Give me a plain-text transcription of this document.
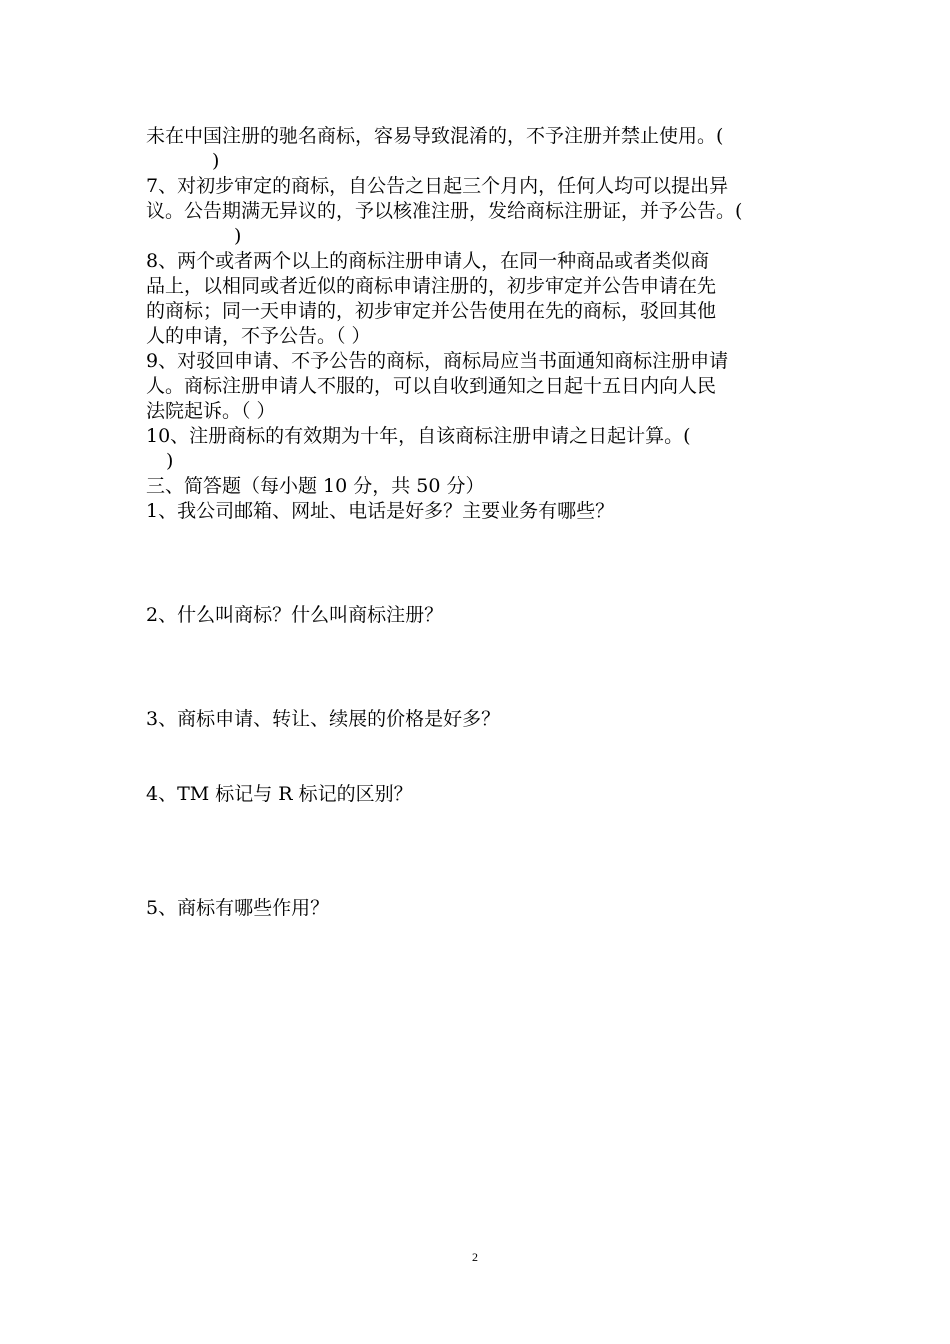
未在中国注册的驰名商标，容易导致混淆的，不予注册并禁止使用。(
)
7、对初步审定的商标，自公告之日起三个月内，任何人均可以提出异
议。公告期满无异议的，予以核准注册，发给商标注册证，并予公告。(
)
8、两个或者两个以上的商标注册申请人，在同一种商品或者类似商
品上，以相同或者近似的商标申请注册的，初步审定并公告申请在先
的商标；同一天申请的，初步审定并公告使用在先的商标，驳回其他
人的申请，不予公告。（ ）
9、对驳回申请、不予公告的商标，商标局应当书面通知商标注册申请
人。商标注册申请人不服的，可以自收到通知之日起十五日内向人民
法院起诉。（ ）
10、注册商标的有效期为十年，自该商标注册申请之日起计算。(
)
三、简答题（每小题 10 分，共 50 分）
1、我公司邮箱、网址、电话是好多？主要业务有哪些？
2、什么叫商标？什么叫商标注册？
3、商标申请、转让、续展的价格是好多？
4、TM 标记与 R 标记的区别？
5、商标有哪些作用？
2
